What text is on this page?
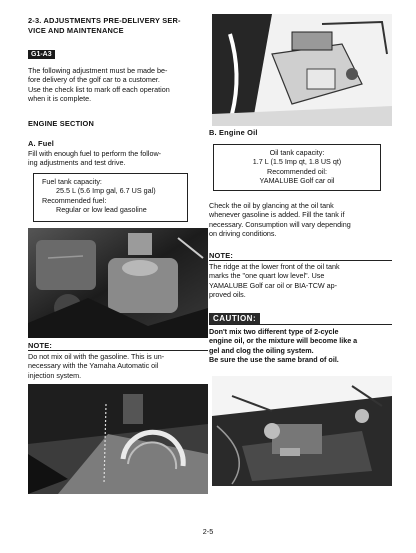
2-3. ADJUSTMENTS PRE-DELIVERY SER-
VICE AND MAINTENANCE
G1-A3
The following adjustment must be made be-
fore delivery of the golf car to a customer.
Use the check list to mark off each operation
when it is complete.
ENGINE SECTION
A. Fuel
Fill with enough fuel to perform the follow-
ing adjustments and test drive.
Fuel tank capacity:
25.5 L (5.6 Imp gal, 6.7 US gal)
Recommended fuel:
Regular or low lead gasoline
NOTE:
Do not mix oil with the gasoline. This is un-
necessary with the Yamaha Automatic oil
injection system.
B. Engine Oil
Oil tank capacity:
1.7 L (1.5 Imp qt, 1.8 US qt)
Recommended oil:
YAMALUBE Golf car oil
Check the oil by glancing at the oil tank
whenever gasoline is added. Fill the tank if
necessary. Consumption will vary depending
on driving conditions.
NOTE:
The ridge at the lower front of the oil tank
marks the "one quart low level". Use
YAMALUBE Golf car oil or BIA-TCW ap-
proved oils.
CAUTION:
Don't mix two different type of 2-cycle
engine oil, or the mixture will become like a
gel and clog the oiling system.
Be sure the use the same brand of oil.
2-5
